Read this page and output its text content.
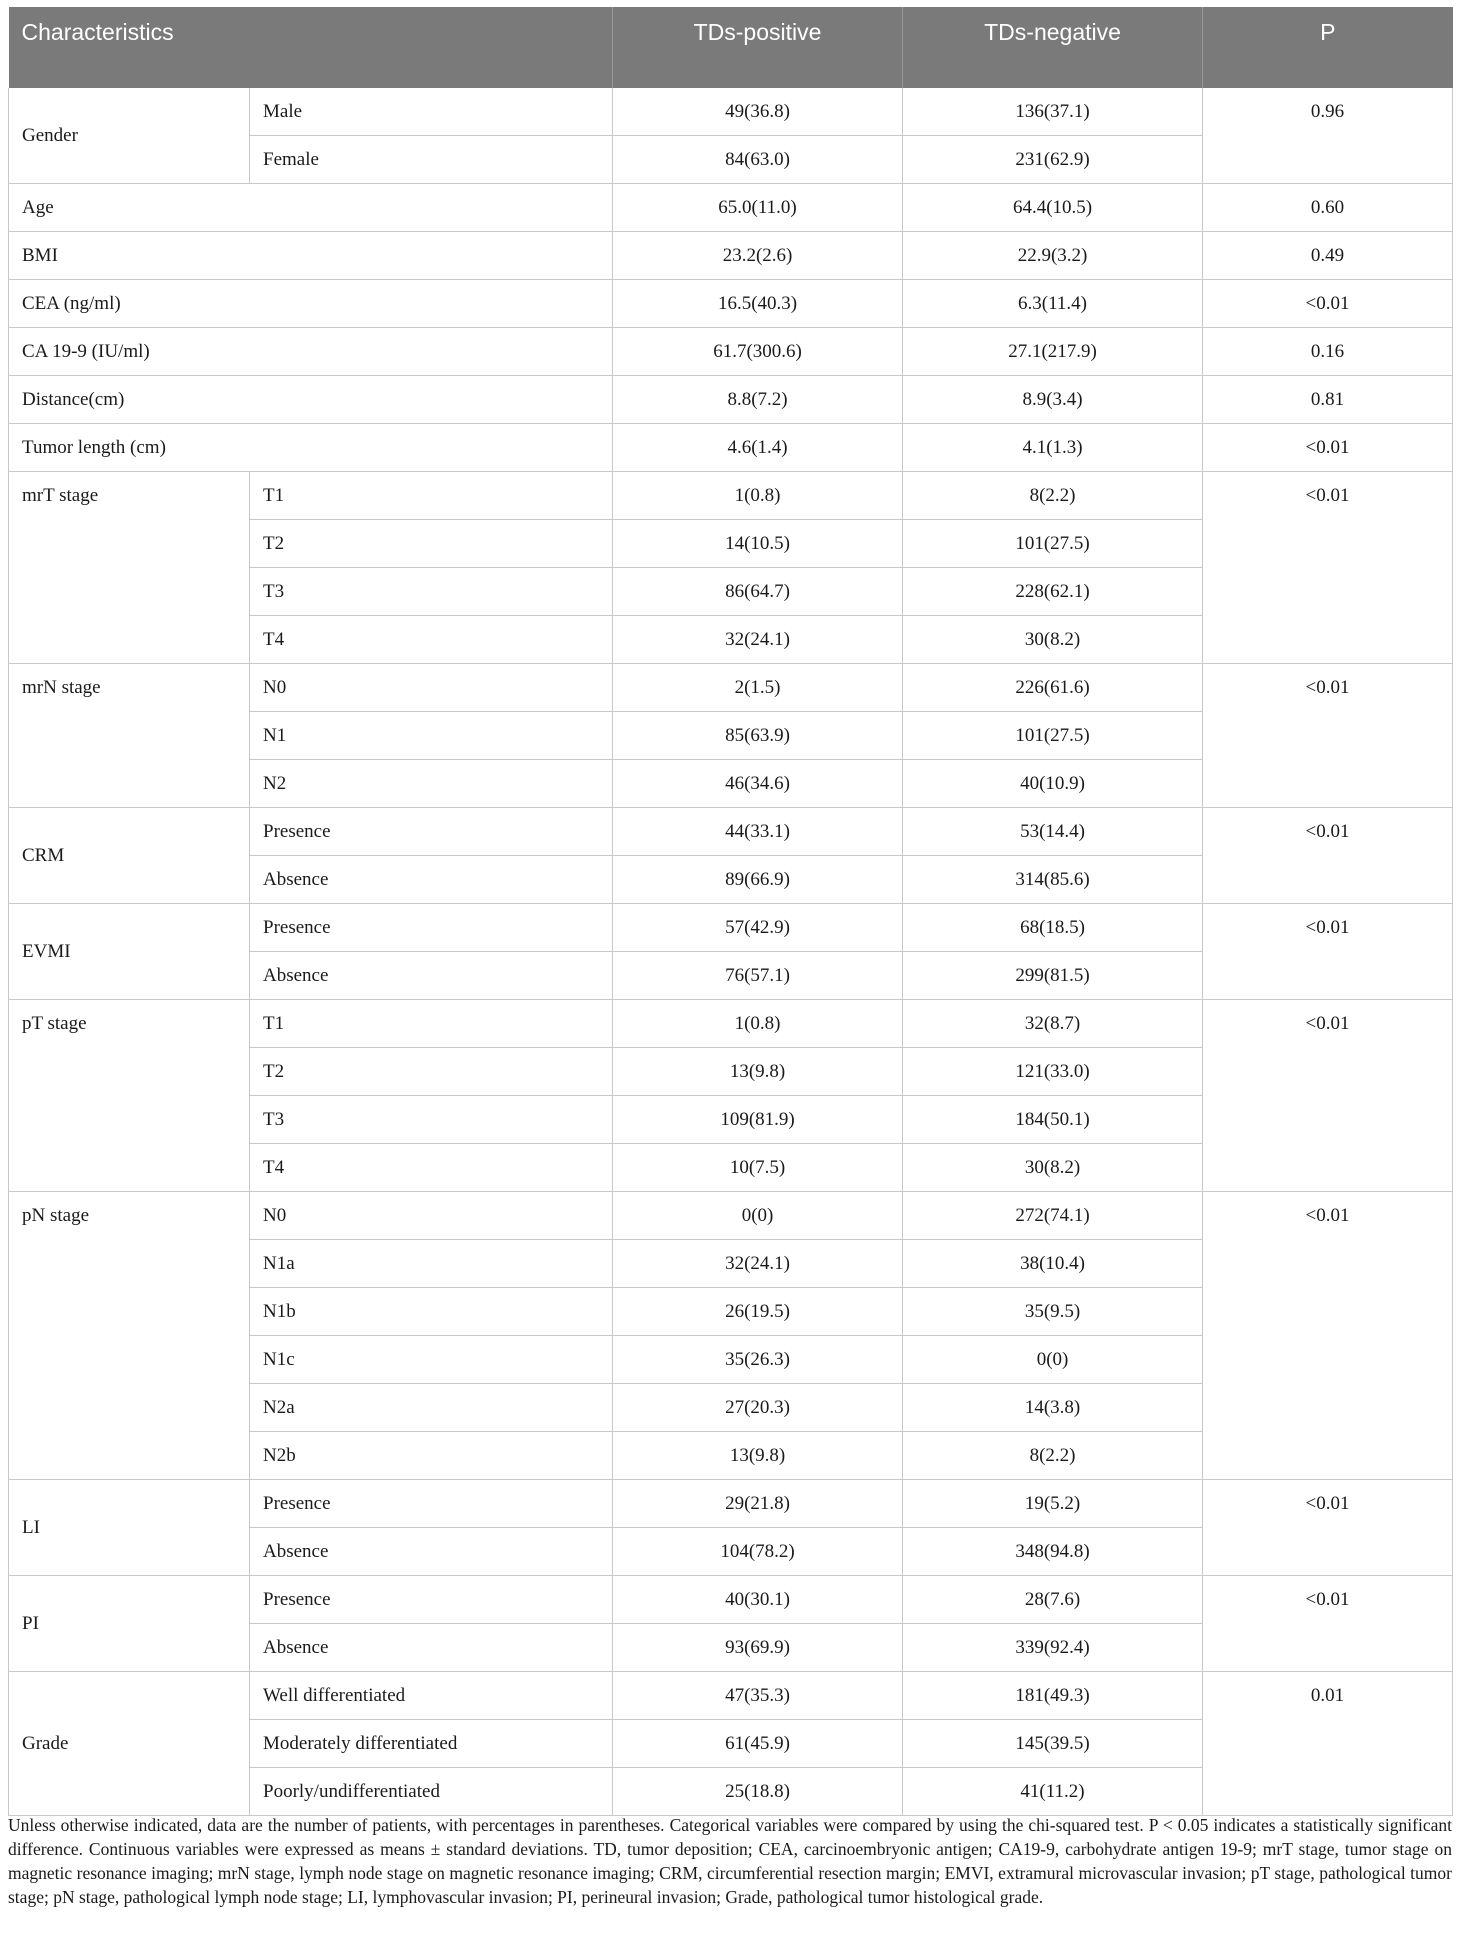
Characteristics		TDs-positive	TDs-negative	P

Gender	Male	49(36.8)	136(37.1)	0.96

	Female	84(63.0)	231(62.9)	

Age		65.0(11.0)	64.4(10.5)	0.60

BMI		23.2(2.6)	22.9(3.2)	0.49

CEA (ng/ml)		16.5(40.3)	6.3(11.4)	<0.01

CA 19-9 (IU/ml)		61.7(300.6)	27.1(217.9)	0.16

Distance(cm)		8.8(7.2)	8.9(3.4)	0.81

Tumor length (cm)		4.6(1.4)	4.1(1.3)	<0.01

mrT stage	T1	1(0.8)	8(2.2)	<0.01

	T2	14(10.5)	101(27.5)	

	T3	86(64.7)	228(62.1)	

	T4	32(24.1)	30(8.2)	

mrN stage	N0	2(1.5)	226(61.6)	<0.01

	N1	85(63.9)	101(27.5)	

	N2	46(34.6)	40(10.9)	

CRM	Presence	44(33.1)	53(14.4)	<0.01

	Absence	89(66.9)	314(85.6)	

EVMI	Presence	57(42.9)	68(18.5)	<0.01

	Absence	76(57.1)	299(81.5)	

pT stage	T1	1(0.8)	32(8.7)	<0.01

	T2	13(9.8)	121(33.0)	

	T3	109(81.9)	184(50.1)	

	T4	10(7.5)	30(8.2)	

pN stage	N0	0(0)	272(74.1)	<0.01

	N1a	32(24.1)	38(10.4)	

	N1b	26(19.5)	35(9.5)	

	N1c	35(26.3)	0(0)	

	N2a	27(20.3)	14(3.8)	

	N2b	13(9.8)	8(2.2)	

LI	Presence	29(21.8)	19(5.2)	<0.01

	Absence	104(78.2)	348(94.8)	

PI	Presence	40(30.1)	28(7.6)	<0.01

	Absence	93(69.9)	339(92.4)	

Grade	Well differentiated	47(35.3)	181(49.3)	0.01

	Moderately differentiated	61(45.9)	145(39.5)	

	Poorly/undifferentiated	25(18.8)	41(11.2)	
Unless otherwise indicated, data are the number of patients, with percentages in parentheses. Categorical variables were compared by using the chi-squared test. P < 0.05 indicates a statistically significant difference. Continuous variables were expressed as means ± standard deviations. TD, tumor deposition; CEA, carcinoembryonic antigen; CA19-9, carbohydrate antigen 19-9; mrT stage, tumor stage on magnetic resonance imaging; mrN stage, lymph node stage on magnetic resonance imaging; CRM, circumferential resection margin; EMVI, extramural microvascular invasion; pT stage, pathological tumor stage; pN stage, pathological lymph node stage; LI, lymphovascular invasion; PI, perineural invasion; Grade, pathological tumor histological grade.
